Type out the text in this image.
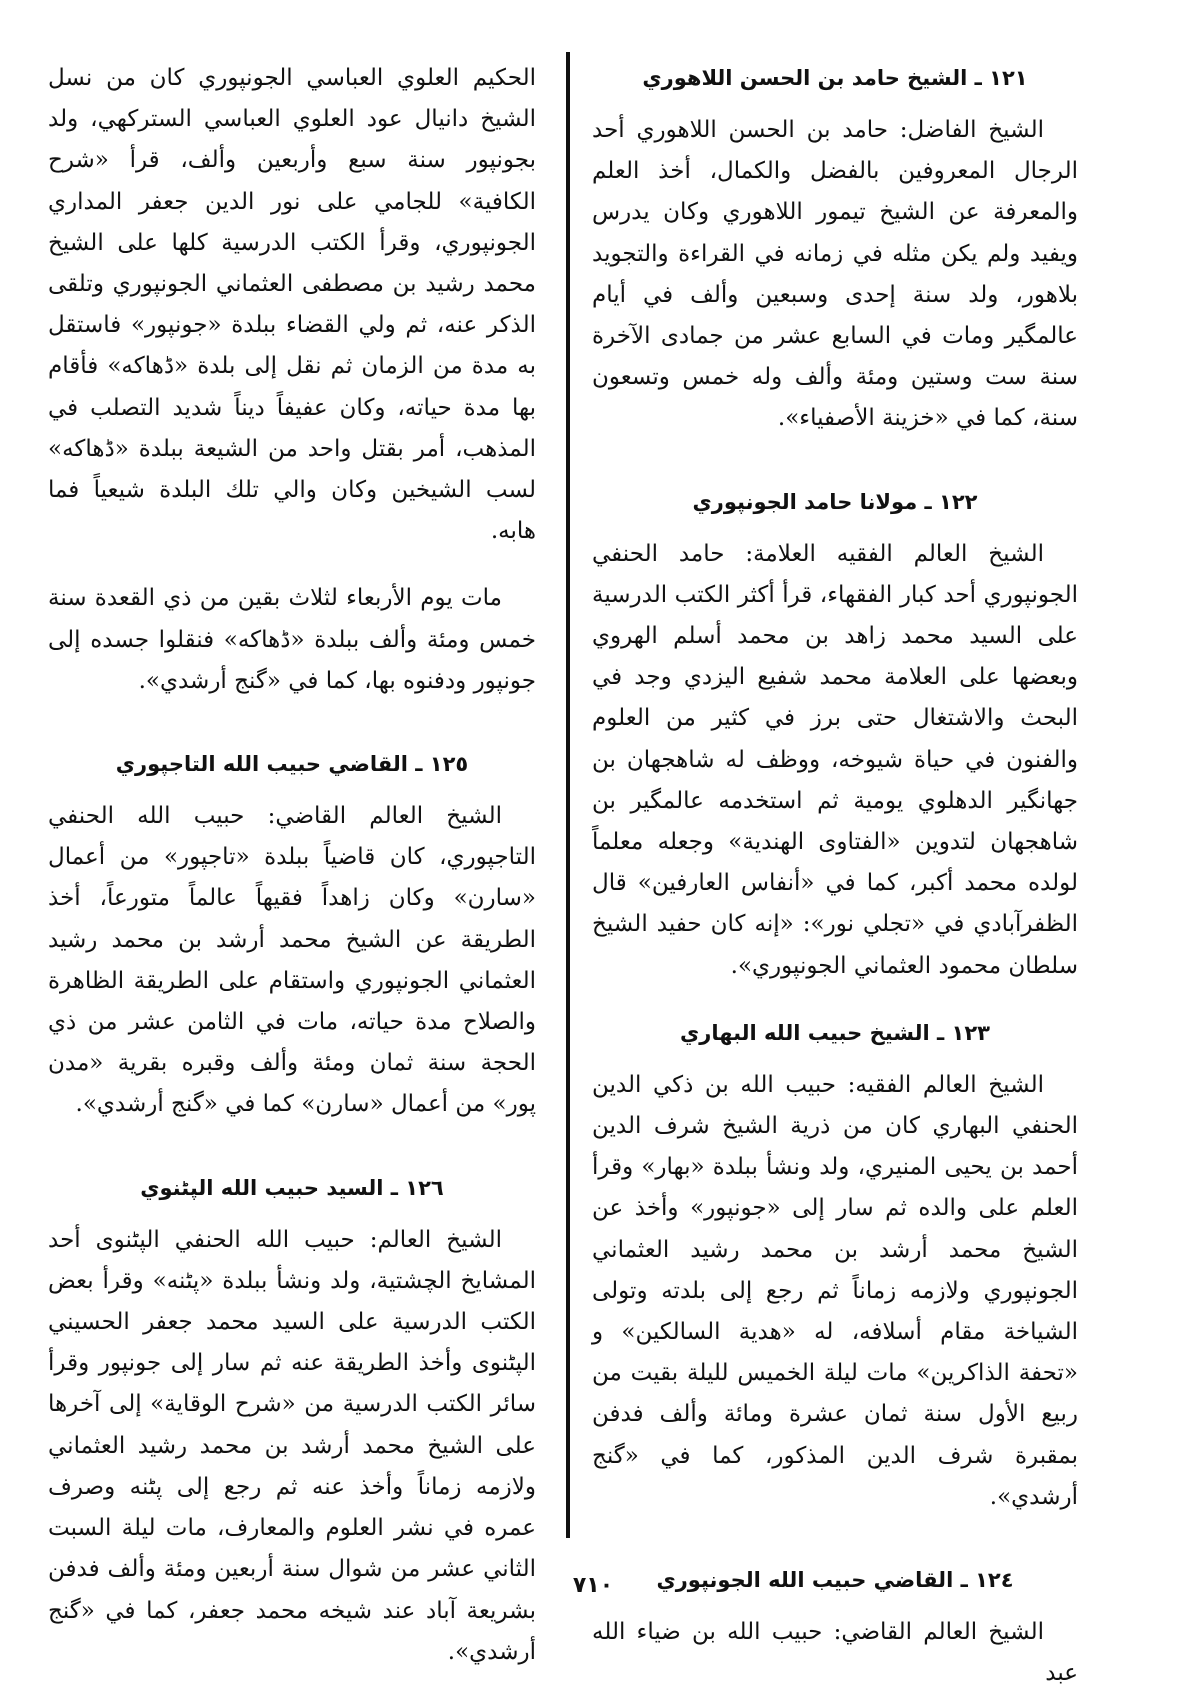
١٢١ ـ الشيخ حامد بن الحسن اللاهوري

الشيخ الفاضل: حامد بن الحسن اللاهوري أحد الرجال المعروفين بالفضل والكمال، أخذ العلم والمعرفة عن الشيخ تيمور اللاهوري وكان يدرس ويفيد ولم يكن مثله في زمانه في القراءة والتجويد بلاهور، ولد سنة إحدى وسبعين وألف في أيام عالمگير ومات في السابع عشر من جمادى الآخرة سنة ست وستين ومئة وألف وله خمس وتسعون سنة، كما في «خزينة الأصفياء».

١٢٢ ـ مولانا حامد الجونپوري

الشيخ العالم الفقيه العلامة: حامد الحنفي الجونپوري أحد كبار الفقهاء، قرأ أكثر الكتب الدرسية على السيد محمد زاهد بن محمد أسلم الهروي وبعضها على العلامة محمد شفيع اليزدي وجد في البحث والاشتغال حتى برز في كثير من العلوم والفنون في حياة شيوخه، ووظف له شاهجهان بن جهانگير الدهلوي يومية ثم استخدمه عالمگير بن شاهجهان لتدوين «الفتاوى الهندية» وجعله معلماً لولده محمد أكبر، كما في «أنفاس العارفين» قال الظفرآبادي في «تجلي نور»: «إنه كان حفيد الشيخ سلطان محمود العثماني الجونپوري».

١٢٣ ـ الشيخ حبيب الله البهاري

الشيخ العالم الفقيه: حبيب الله بن ذكي الدين الحنفي البهاري كان من ذرية الشيخ شرف الدين أحمد بن يحيى المنيري، ولد ونشأ ببلدة «بهار» وقرأ العلم على والده ثم سار إلى «جونپور» وأخذ عن الشيخ محمد أرشد بن محمد رشيد العثماني الجونپوري ولازمه زماناً ثم رجع إلى بلدته وتولى الشياخة مقام أسلافه، له «هدية السالكين» و «تحفة الذاكرين» مات ليلة الخميس لليلة بقيت من ربيع الأول سنة ثمان عشرة ومائة وألف فدفن بمقبرة شرف الدين المذكور، كما في «گنج أرشدي».

١٢٤ ـ القاضي حبيب الله الجونپوري

الشيخ العالم القاضي: حبيب الله بن ضياء الله عبد

الحكيم العلوي العباسي الجونپوري كان من نسل الشيخ دانيال عود العلوي العباسي الستركهي، ولد بجونپور سنة سبع وأربعين وألف، قرأ «شرح الكافية» للجامي على نور الدين جعفر المداري الجونپوري، وقرأ الكتب الدرسية كلها على الشيخ محمد رشيد بن مصطفى العثماني الجونپوري وتلقى الذكر عنه، ثم ولي القضاء ببلدة «جونپور» فاستقل به مدة من الزمان ثم نقل إلى بلدة «ڈهاكه» فأقام بها مدة حياته، وكان عفيفاً ديناً شديد التصلب في المذهب، أمر بقتل واحد من الشيعة ببلدة «ڈهاكه» لسب الشيخين وكان والي تلك البلدة شيعياً فما هابه.

مات يوم الأربعاء لثلاث بقين من ذي القعدة سنة خمس ومئة وألف ببلدة «ڈهاكه» فنقلوا جسده إلى جونپور ودفنوه بها، كما في «گنج أرشدي».

١٢٥ ـ القاضي حبيب الله التاجپوري

الشيخ العالم القاضي: حبيب الله الحنفي التاجپوري، كان قاضياً ببلدة «تاجپور» من أعمال «سارن» وكان زاهداً فقيهاً عالماً متورعاً، أخذ الطريقة عن الشيخ محمد أرشد بن محمد رشيد العثماني الجونپوري واستقام على الطريقة الظاهرة والصلاح مدة حياته، مات في الثامن عشر من ذي الحجة سنة ثمان ومئة وألف وقبره بقرية «مدن پور» من أعمال «سارن» كما في «گنج أرشدي».

١٢٦ ـ السيد حبيب الله الپٹنوي

الشيخ العالم: حبيب الله الحنفي الپٹنوى أحد المشايخ الچشتية، ولد ونشأ ببلدة «پٹنه» وقرأ بعض الكتب الدرسية على السيد محمد جعفر الحسيني الپٹنوى وأخذ الطريقة عنه ثم سار إلى جونپور وقرأ سائر الكتب الدرسية من «شرح الوقاية» إلى آخرها على الشيخ محمد أرشد بن محمد رشيد العثماني ولازمه زماناً وأخذ عنه ثم رجع إلى پٹنه وصرف عمره في نشر العلوم والمعارف، مات ليلة السبت الثاني عشر من شوال سنة أربعين ومئة وألف فدفن بشريعة آباد عند شيخه محمد جعفر، كما في «گنج أرشدي».

٧١٠
